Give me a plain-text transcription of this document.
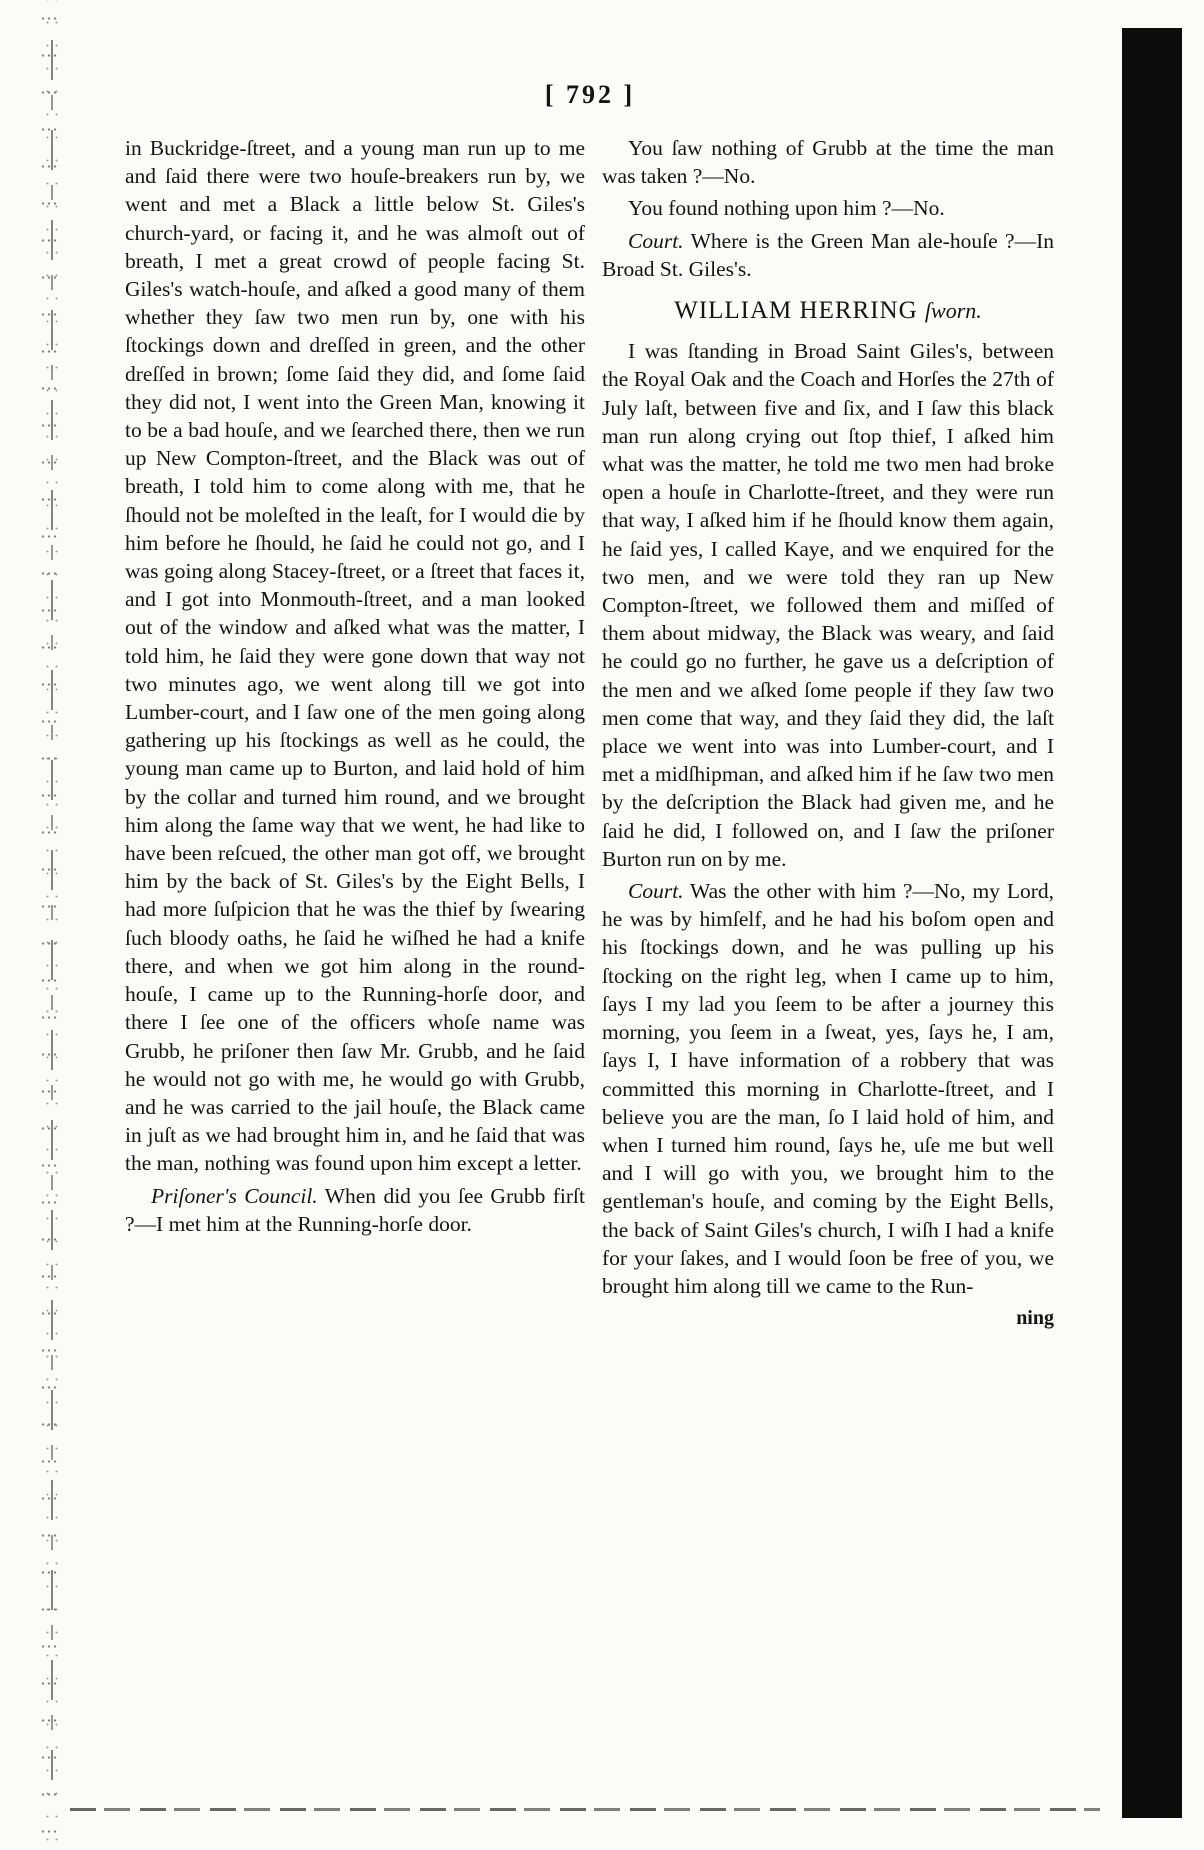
[ 792 ]

in Buckridge-ſtreet, and a young man run up to me and ſaid there were two houſe-breakers run by, we went and met a Black a little below St. Giles's church-yard, or facing it, and he was almoſt out of breath, I met a great crowd of people facing St. Giles's watch-houſe, and aſked a good many of them whether they ſaw two men run by, one with his ſtockings down and dreſſed in green, and the other dreſſed in brown; ſome ſaid they did, and ſome ſaid they did not, I went into the Green Man, knowing it to be a bad houſe, and we ſearched there, then we run up New Compton-ſtreet, and the Black was out of breath, I told him to come along with me, that he ſhould not be moleſted in the leaſt, for I would die by him before he ſhould, he ſaid he could not go, and I was going along Stacey-ſtreet, or a ſtreet that faces it, and I got into Monmouth-ſtreet, and a man looked out of the window and aſked what was the matter, I told him, he ſaid they were gone down that way not two minutes ago, we went along till we got into Lumber-court, and I ſaw one of the men going along gathering up his ſtockings as well as he could, the young man came up to Burton, and laid hold of him by the collar and turned him round, and we brought him along the ſame way that we went, he had like to have been reſcued, the other man got off, we brought him by the back of St. Giles's by the Eight Bells, I had more ſuſpicion that he was the thief by ſwearing ſuch bloody oaths, he ſaid he wiſhed he had a knife there, and when we got him along in the round-houſe, I came up to the Running-horſe door, and there I ſee one of the officers whoſe name was Grubb, he priſoner then ſaw Mr. Grubb, and he ſaid he would not go with me, he would go with Grubb, and he was carried to the jail houſe, the Black came in juſt as we had brought him in, and he ſaid that was the man, nothing was found upon him except a letter.

Priſoner's Council. When did you ſee Grubb firſt ?—I met him at the Running-horſe door.

You ſaw nothing of Grubb at the time the man was taken ?—No.

You found nothing upon him ?—No.

Court. Where is the Green Man ale-houſe ?—In Broad St. Giles's.

WILLIAM HERRING ſworn.

I was ſtanding in Broad Saint Giles's, between the Royal Oak and the Coach and Horſes the 27th of July laſt, between five and ſix, and I ſaw this black man run along crying out ſtop thief, I aſked him what was the matter, he told me two men had broke open a houſe in Charlotte-ſtreet, and they were run that way, I aſked him if he ſhould know them again, he ſaid yes, I called Kaye, and we enquired for the two men, and we were told they ran up New Compton-ſtreet, we followed them and miſſed of them about midway, the Black was weary, and ſaid he could go no further, he gave us a deſcription of the men and we aſked ſome people if they ſaw two men come that way, and they ſaid they did, the laſt place we went into was into Lumber-court, and I met a midſhipman, and aſked him if he ſaw two men by the deſcription the Black had given me, and he ſaid he did, I followed on, and I ſaw the priſoner Burton run on by me.

Court. Was the other with him ?—No, my Lord, he was by himſelf, and he had his boſom open and his ſtockings down, and he was pulling up his ſtocking on the right leg, when I came up to him, ſays I my lad you ſeem to be after a journey this morning, you ſeem in a ſweat, yes, ſays he, I am, ſays I, I have information of a robbery that was committed this morning in Charlotte-ſtreet, and I believe you are the man, ſo I laid hold of him, and when I turned him round, ſays he, uſe me but well and I will go with you, we brought him to the gentleman's houſe, and coming by the Eight Bells, the back of Saint Giles's church, I wiſh I had a knife for your ſakes, and I would ſoon be free of you, we brought him along till we came to the Run-

ning
